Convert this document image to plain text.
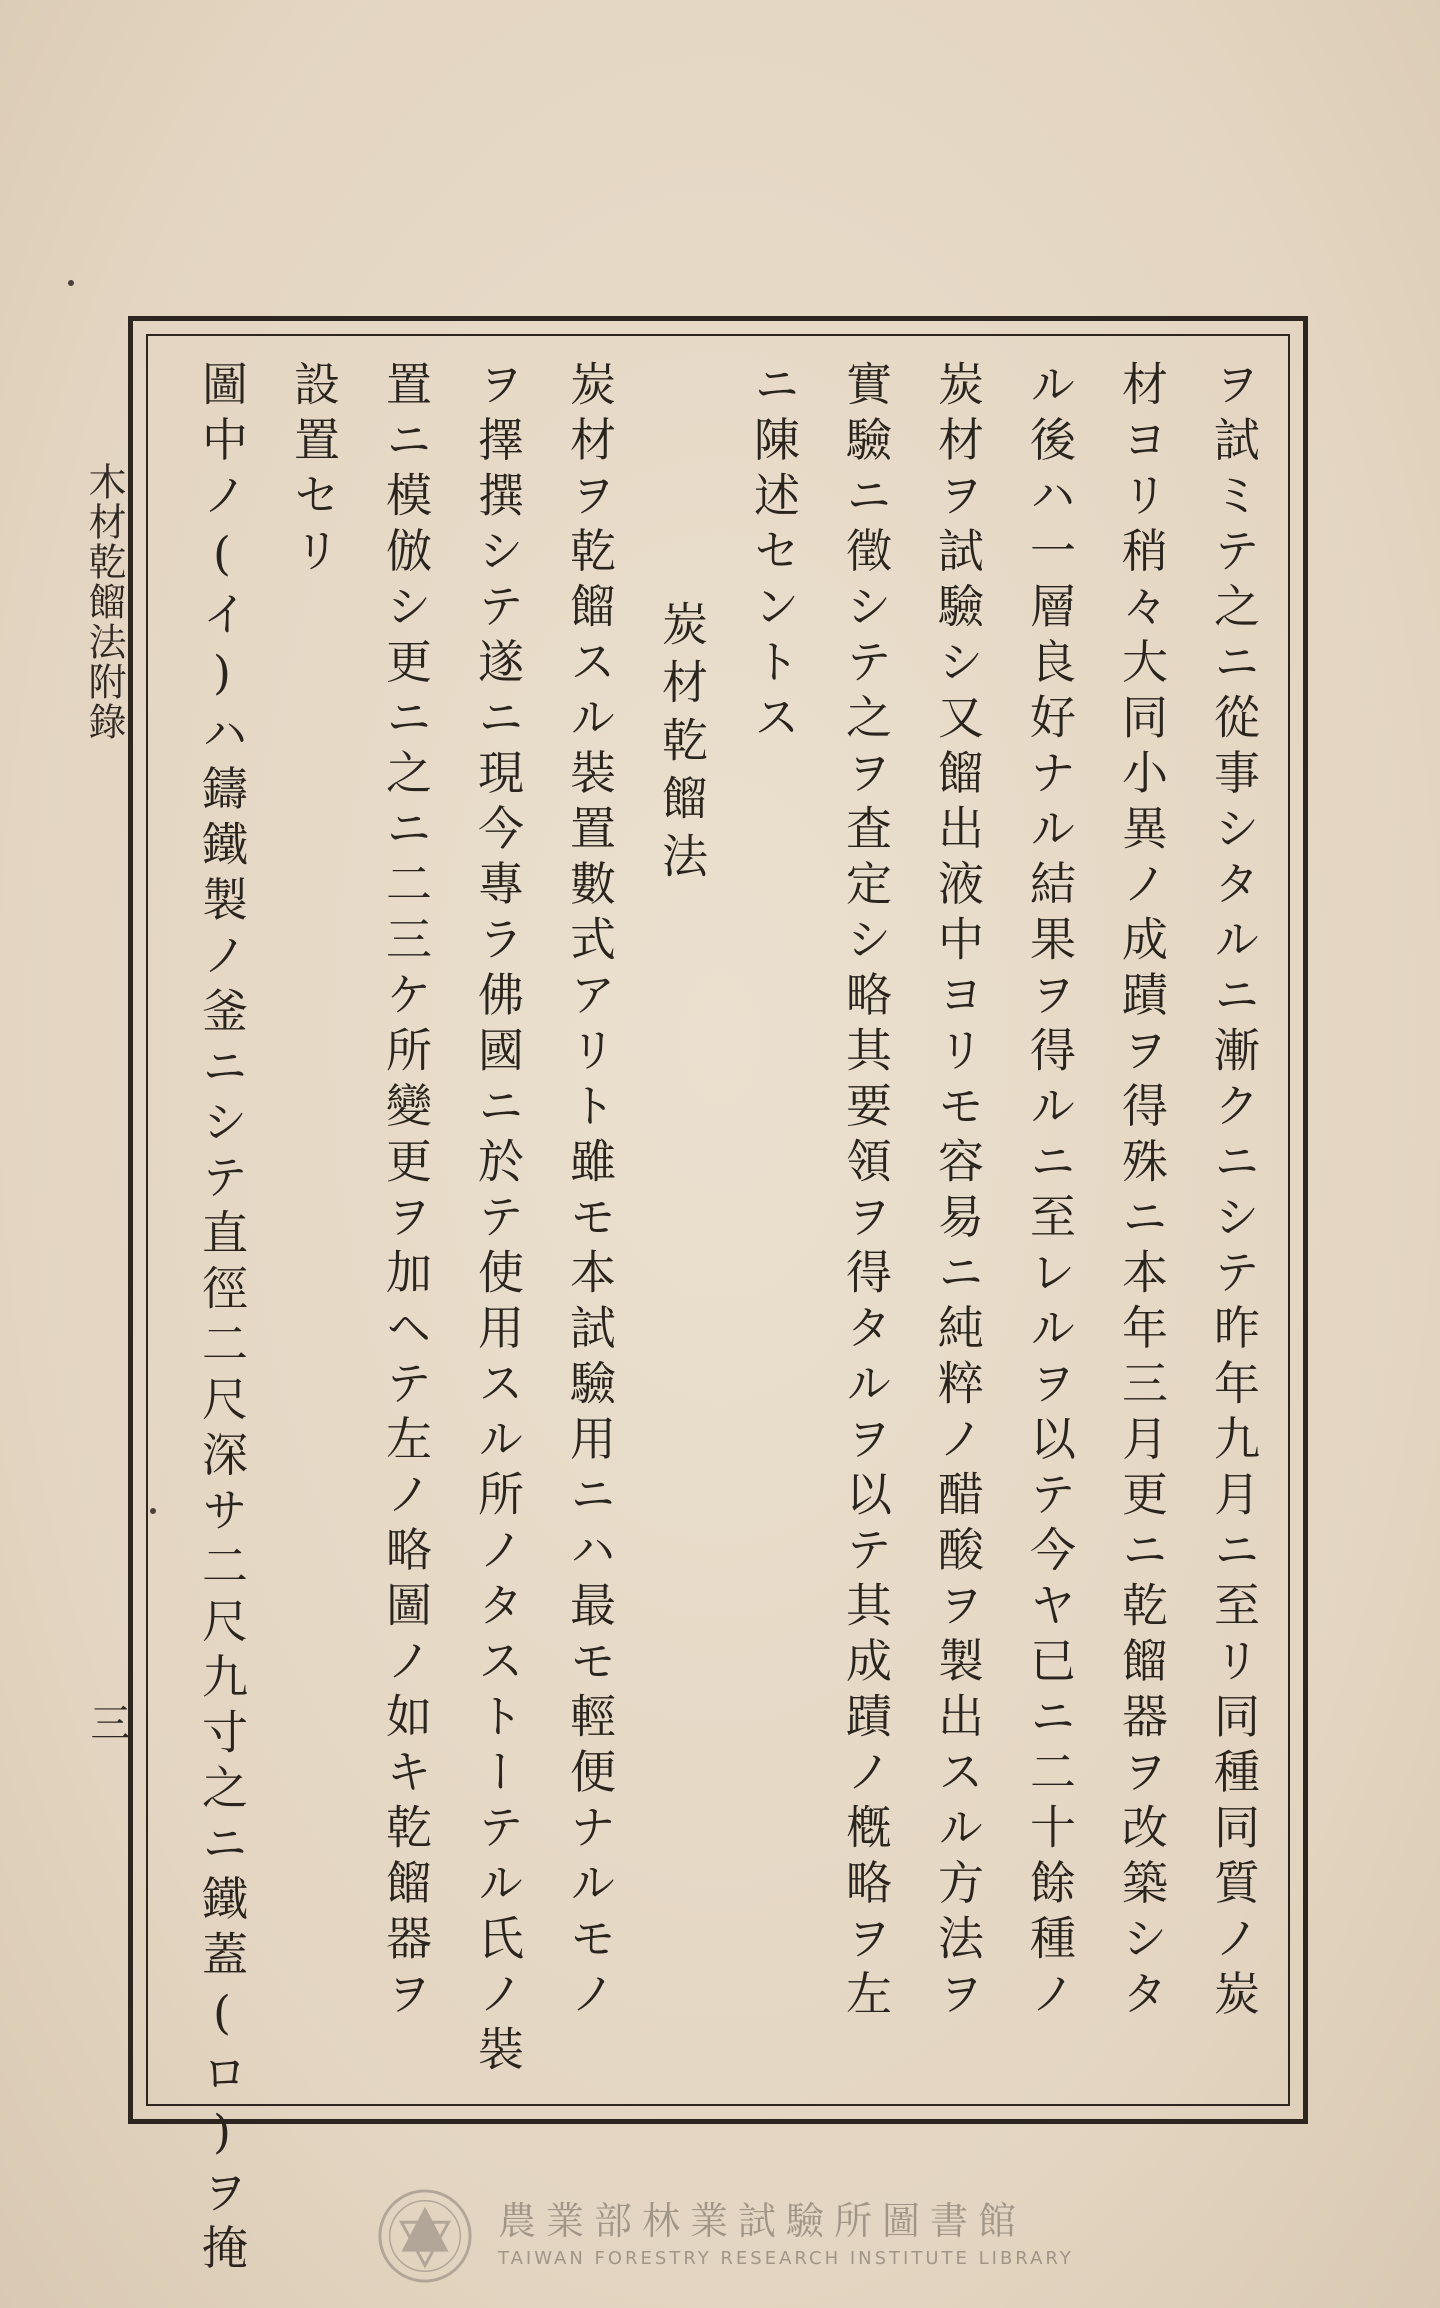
木材乾餾法附錄
三	ヲ試ミテ之ニ從事シタルニ漸クニシテ昨年九月ニ至リ同種同質ノ炭
材ヨリ稍々大同小異ノ成蹟ヲ得殊ニ本年三月更ニ乾餾器ヲ改築シタ
ル後ハ一層良好ナル結果ヲ得ルニ至レルヲ以テ今ヤ已ニ二十餘種ノ
炭材ヲ試驗シ又餾出液中ヨリモ容易ニ純粹ノ醋酸ヲ製出スル方法ヲ
實驗ニ徵シテ之ヲ査定シ略其要領ヲ得タルヲ以テ其成蹟ノ槪略ヲ左
ニ陳述セントス
炭材乾餾法
炭材ヲ乾餾スル裝置數式アリト雖モ本試驗用ニハ最モ輕便ナルモノ
ヲ擇撰シテ遂ニ現今專ラ佛國ニ於テ使用スル所ノタストーテル氏ノ裝
置ニ模倣シ更ニ之ニ二三ケ所變更ヲ加ヘテ左ノ略圖ノ如キ乾餾器ヲ
設置セリ
圖中ノ(イ)ハ鑄鐵製ノ釜ニシテ直徑二尺深サ二尺九寸之ニ鐵蓋(ロ)ヲ掩	農業部林業試驗所圖書館
TAIWAN FORESTRY RESEARCH INSTITUTE LIBRARY
